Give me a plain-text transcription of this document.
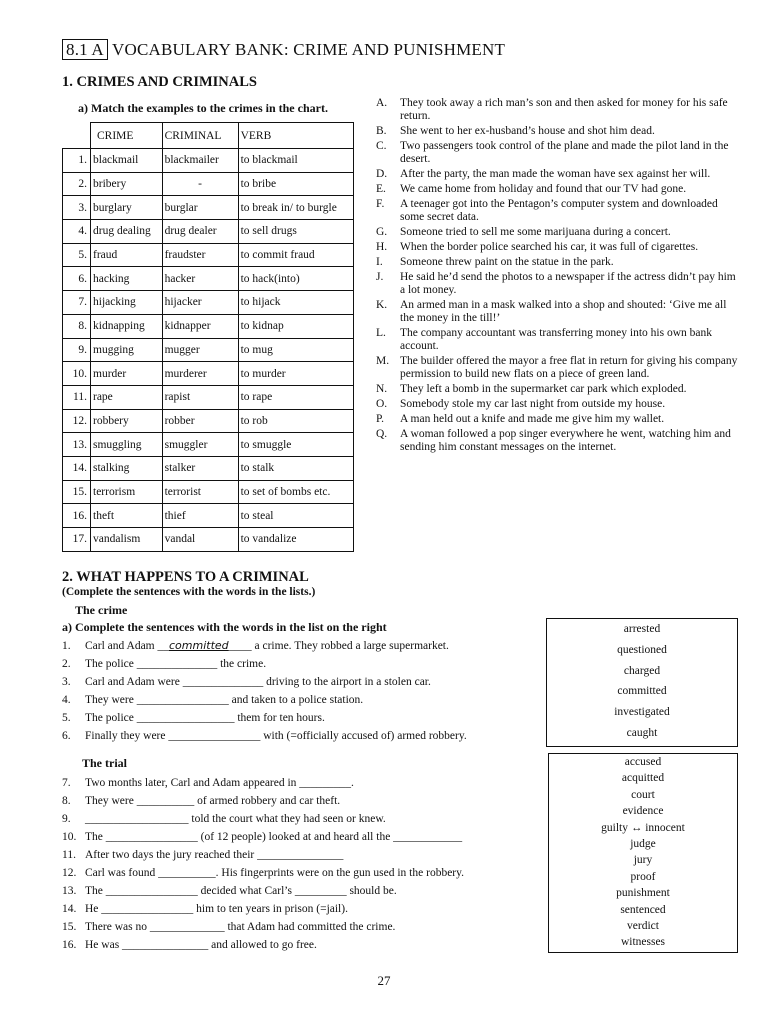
8.1 A VOCABULARY BANK: CRIME AND PUNISHMENT
1. CRIMES AND CRIMINALS
a) Match the examples to the crimes in the chart.
	CRIME	CRIMINAL	VERB
1.	blackmail	blackmailer	to blackmail
2.	bribery	-	to bribe
3.	burglary	burglar	to break in/ to burgle
4.	drug dealing	drug dealer	to sell drugs
5.	fraud	fraudster	to commit fraud
6.	hacking	hacker	to hack(into)
7.	hijacking	hijacker	to hijack
8.	kidnapping	kidnapper	to kidnap
9.	mugging	mugger	to mug
10.	murder	murderer	to murder
11.	rape	rapist	to rape
12.	robbery	robber	to rob
13.	smuggling	smuggler	to smuggle
14.	stalking	stalker	to stalk
15.	terrorism	terrorist	to set of bombs etc.
16.	theft	thief	to steal
17.	vandalism	vandal	to vandalize
A.	They took away a rich man’s son and then asked for money for his safe return.
B.	She went to her ex-husband’s house and shot him dead.
C.	Two passengers took control of the plane and made the pilot land in the desert.
D.	After the party, the man made the woman have sex against her will.
E.	We came home from holiday and found that our TV had gone.
F.	A teenager got into the Pentagon’s computer system and downloaded some secret data.
G.	Someone tried to sell me some marijuana during a concert.
H.	When the border police searched his car, it was full of cigarettes.
I.	Someone threw paint on the statue in the park.
J.	He said he’d send the photos to a newspaper if the actress didn’t pay him a lot money.
K.	An armed man in a mask walked into a shop and shouted: ‘Give me all the money in the till!’
L.	The company accountant was transferring money into his own bank account.
M. The builder offered the mayor a free flat in return for giving his company permission to build new flats on a piece of green land.
N.	They left a bomb in the supermarket car park which exploded.
O.	Somebody stole my car last night from outside my house.
P.	A man held out a knife and made me give him my wallet.
Q.	A woman followed a pop singer everywhere he went, watching him and sending him constant messages on the internet.
2. WHAT HAPPENS TO A CRIMINAL
(Complete the sentences with the words in the lists.)
The crime
a) Complete the sentences with the words in the list on the right
1.	Carl and Adam __ committed ____ a crime. They robbed a large supermarket.
2.	The police ______________ the crime.
3.	Carl and Adam were ______________ driving to the airport in a stolen car.
4.	They were ________________ and taken to a police station.
5.	The police _________________ them for ten hours.
6.	Finally they were ________________ with (=officially accused of) armed robbery.
arrested
questioned
charged
committed
investigated
caught
The trial
7.	Two months later, Carl and Adam appeared in _________.
8.	They were __________ of armed robbery and car theft.
9.	__________________ told the court what they had seen or knew.
10. The ________________ (of 12 people) looked at and heard all the ____________
11. After two days the jury reached their _______________
12. Carl was found __________. His fingerprints were on the gun used in the robbery.
13. The ________________ decided what Carl’s _________ should be.
14. He ________________ him to ten years in prison (=jail).
15. There was no _____________ that Adam had committed the crime.
16. He was _______________ and allowed to go free.
accused
acquitted
court
evidence
guilty ↔ innocent
judge
jury
proof
punishment
sentenced
verdict
witnesses
27
